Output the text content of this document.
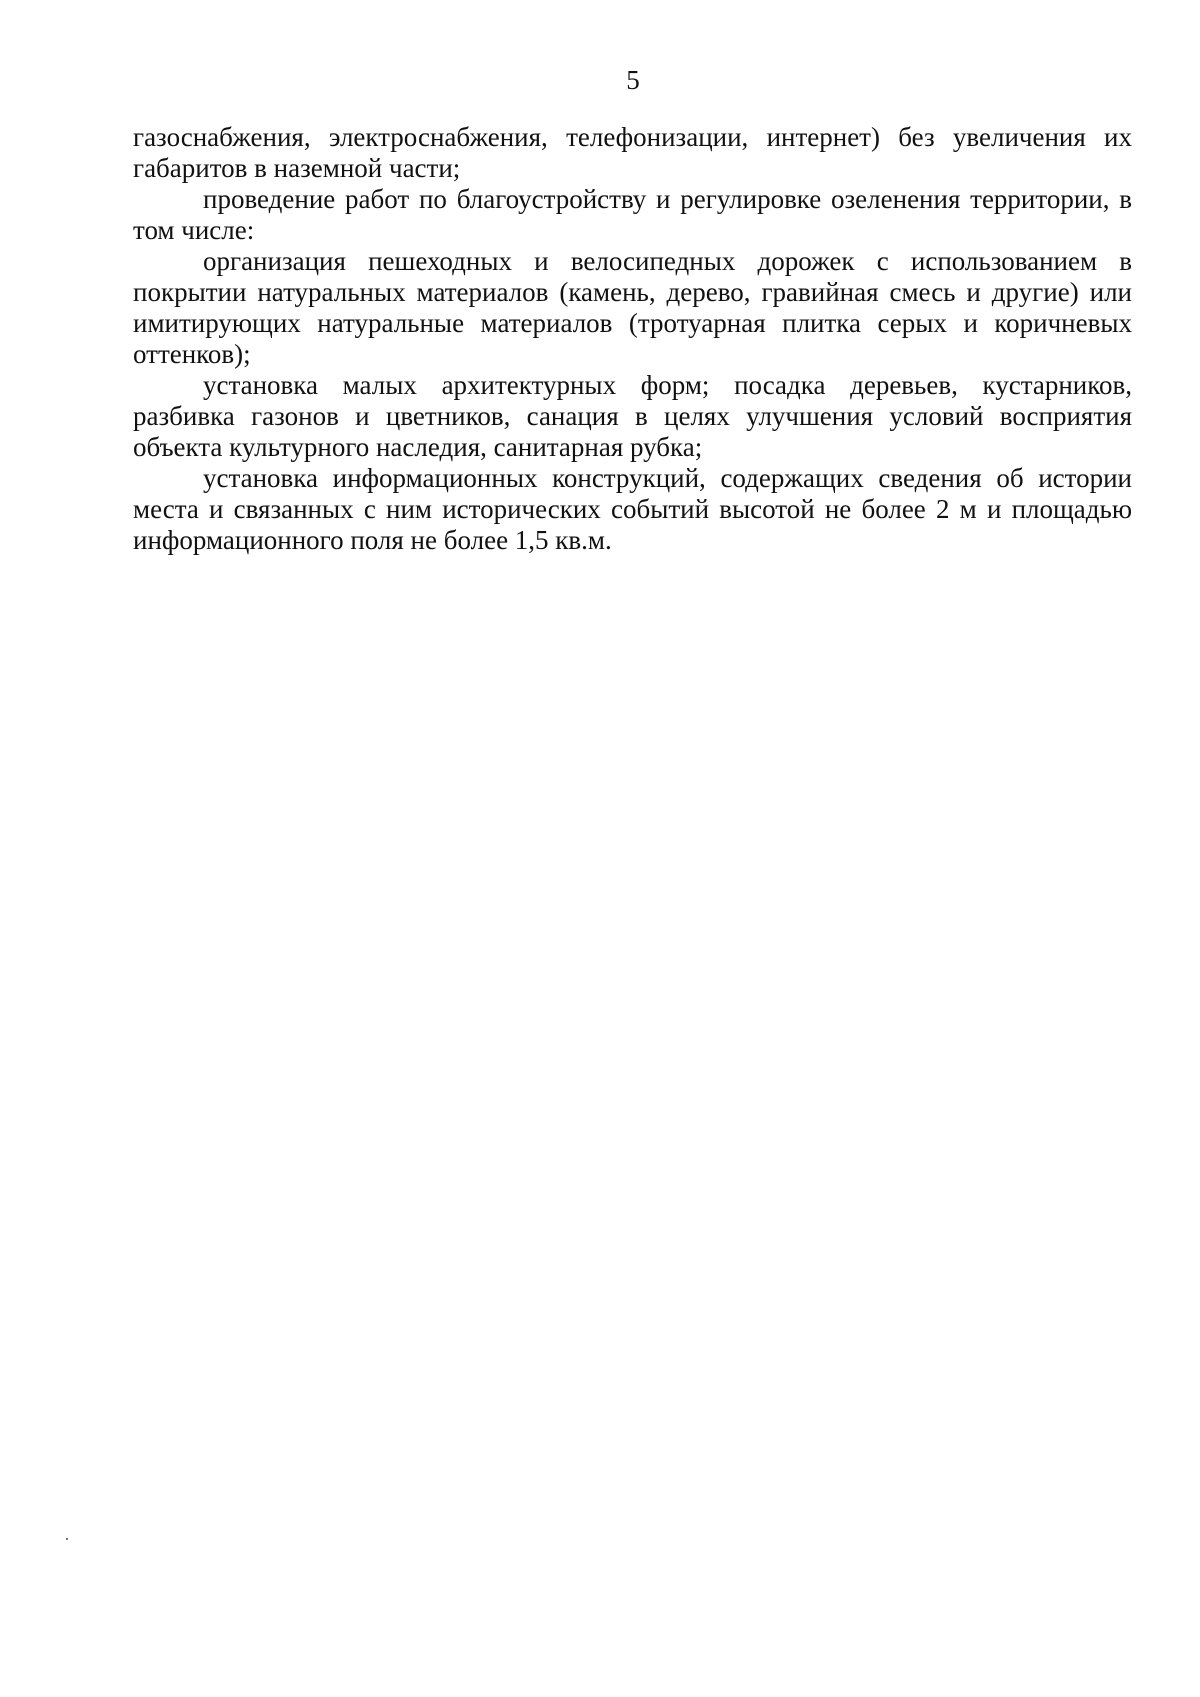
5

газоснабжения, электроснабжения, телефонизации, интернет) без увеличения их габаритов в наземной части;

проведение работ по благоустройству и регулировке озеленения территории, в том числе:

организация пешеходных и велосипедных дорожек с использованием в покрытии натуральных материалов (камень, дерево, гравийная смесь и другие) или имитирующих натуральные материалов (тротуарная плитка серых и коричневых оттенков);

установка малых архитектурных форм; посадка деревьев, кустарников, разбивка газонов и цветников, санация в целях улучшения условий восприятия объекта культурного наследия, санитарная рубка;

установка информационных конструкций, содержащих сведения об истории места и связанных с ним исторических событий высотой не более 2 м и площадью информационного поля не более 1,5 кв.м.
